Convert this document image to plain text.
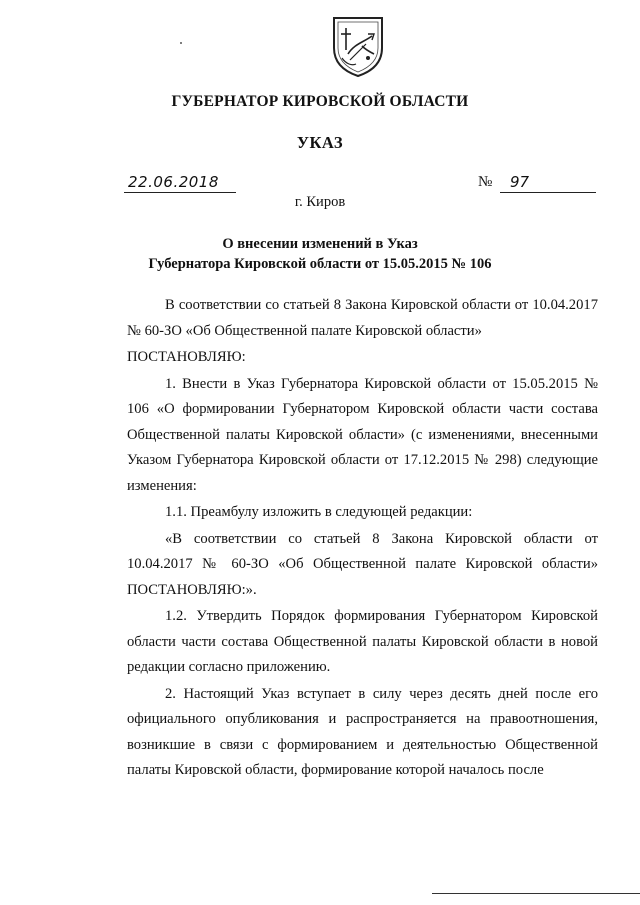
ГУБЕРНАТОР КИРОВСКОЙ ОБЛАСТИ
УКАЗ
22.06.2018	№	97
г. Киров
О внесении изменений в Указ
Губернатора Кировской области от 15.05.2015 № 106

В соответствии со статьей 8 Закона Кировской области от 10.04.2017 № 60-ЗО «Об Общественной палате Кировской области»

ПОСТАНОВЛЯЮ:

1. Внести в Указ Губернатора Кировской области от 15.05.2015 № 106 «О формировании Губернатором Кировской области части состава Общественной палаты Кировской области» (с изменениями, внесенными Указом Губернатора Кировской области от 17.12.2015 № 298) следующие изменения:

1.1. Преамбулу изложить в следующей редакции:

«В соответствии со статьей 8 Закона Кировской области от 10.04.2017 № 60-ЗО «Об Общественной палате Кировской области» ПОСТАНОВЛЯЮ:».

1.2. Утвердить Порядок формирования Губернатором Кировской области части состава Общественной палаты Кировской области в новой редакции согласно приложению.

2. Настоящий Указ вступает в силу через десять дней после его официального опубликования и распространяется на правоотношения, возникшие в связи с формированием и деятельностью Общественной палаты Кировской области, формирование которой началось после
